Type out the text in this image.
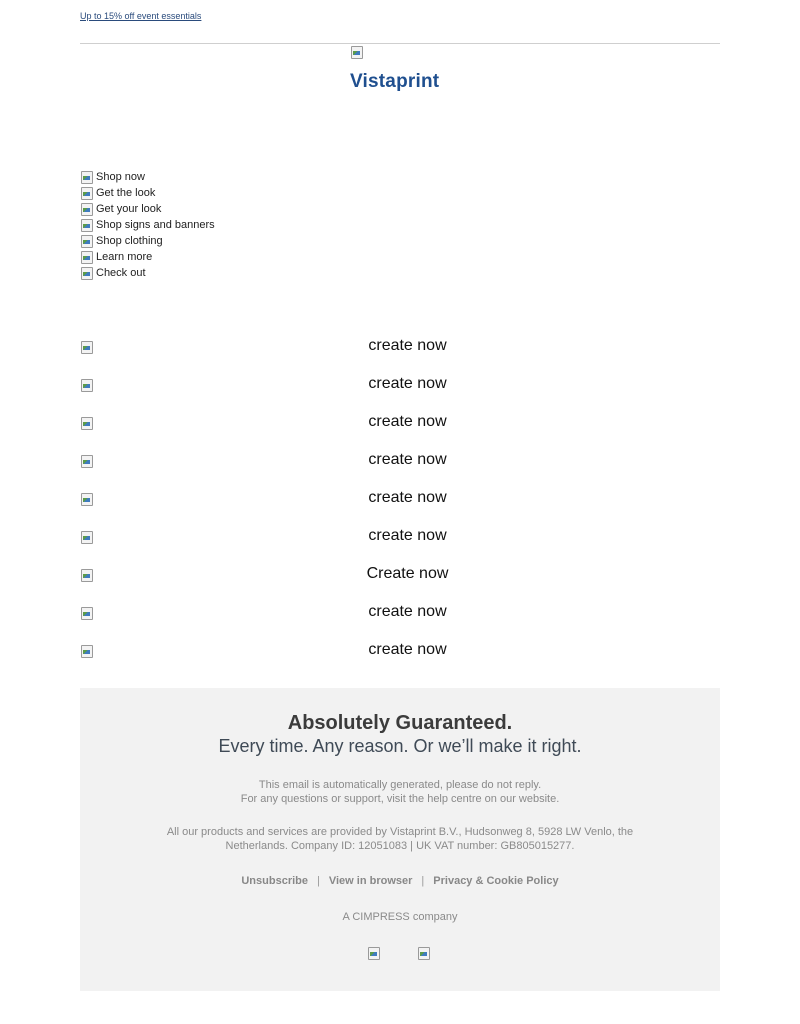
Up to 15% off event essentials
Vistaprint
Shop now
Get the look
Get your look
Shop signs and banners
Shop clothing
Learn more
Check out
create now
create now
create now
create now
create now
create now
Create now
create now
create now
Absolutely Guaranteed.
Every time. Any reason. Or we’ll make it right.
This email is automatically generated, please do not reply.
For any questions or support, visit the help centre on our website.
All our products and services are provided by Vistaprint B.V., Hudsonweg 8, 5928 LW Venlo, the Netherlands. Company ID: 12051083 | UK VAT number: GB805015277.
Unsubscribe | View in browser | Privacy & Cookie Policy
A CIMPRESS company
